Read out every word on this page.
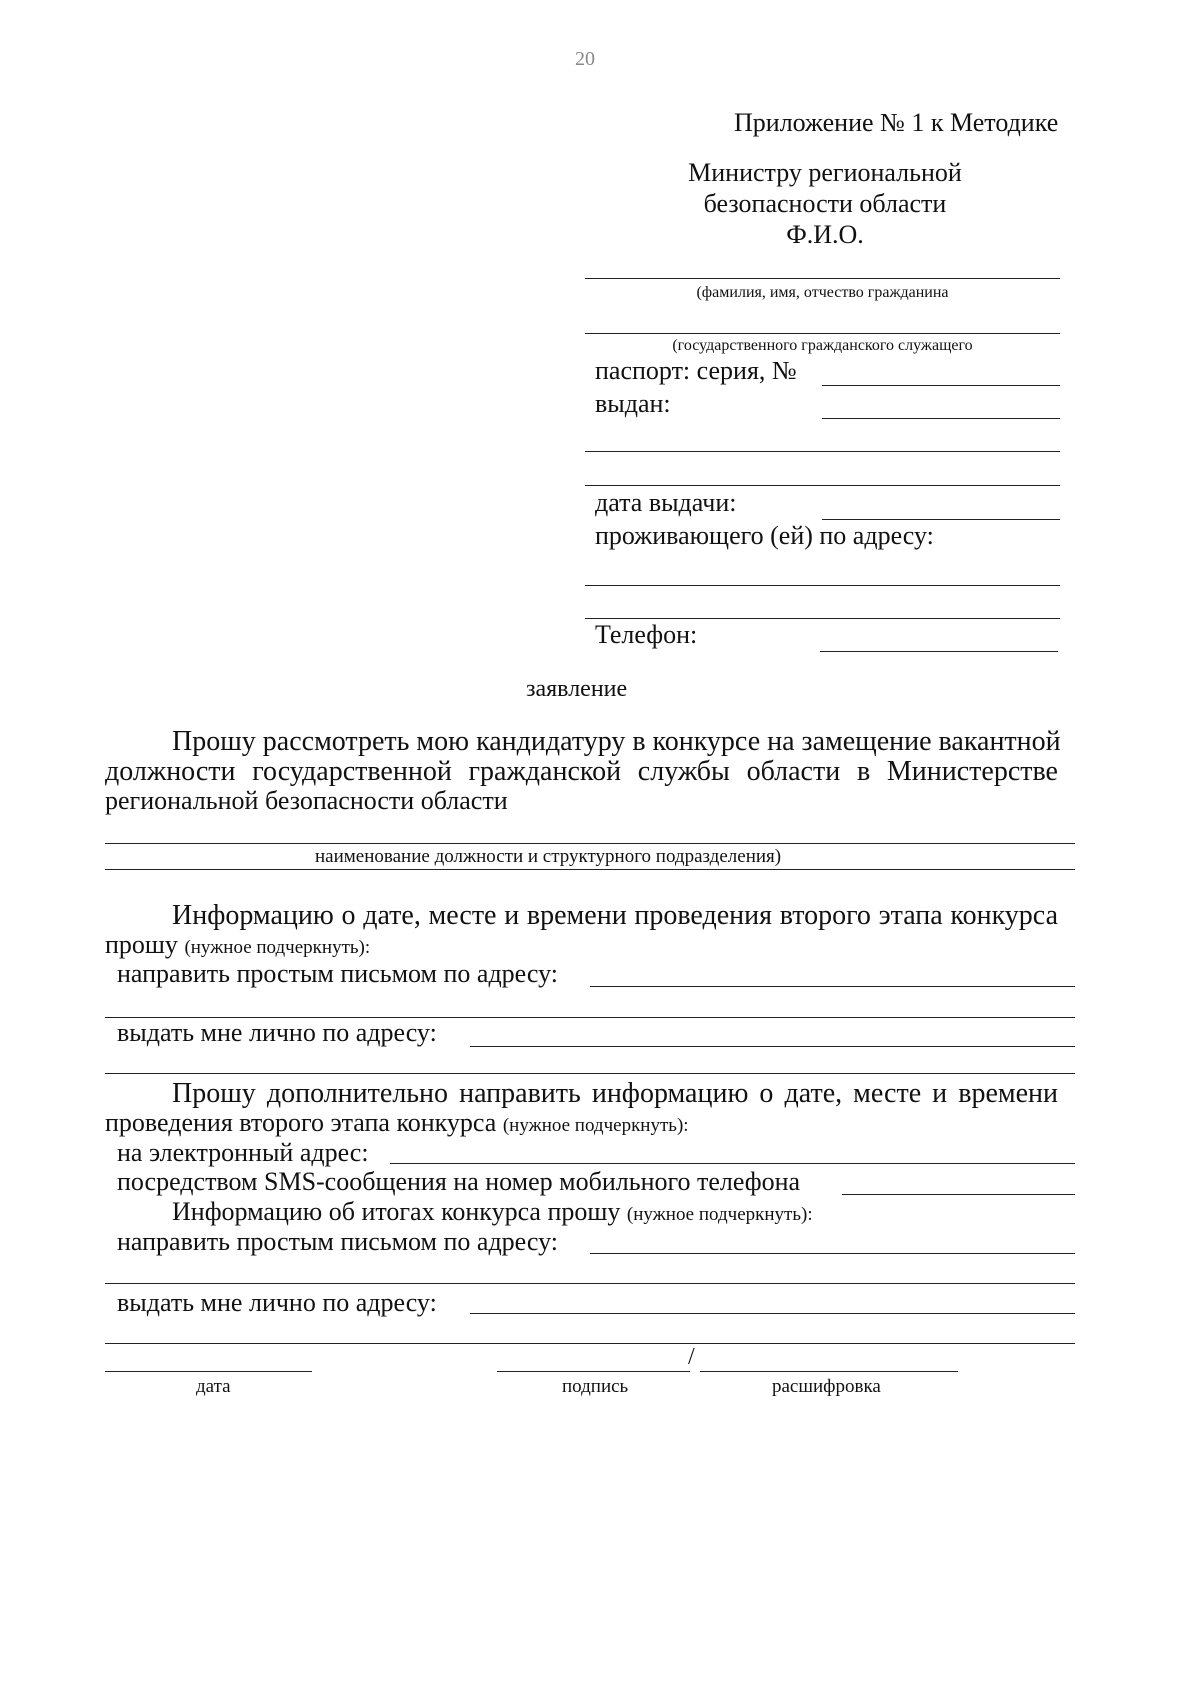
20
Приложение № 1 к Методике
Министру региональной
безопасности области
Ф.И.О.
(фамилия, имя, отчество гражданина
(государственного гражданского служащего
паспорт: серия, №
выдан:
дата выдачи:
проживающего (ей) по адресу:
Телефон:
заявление
Прошу рассмотреть мою кандидатуру в конкурсе на замещение вакантной
должности государственной гражданской службы области в Министерстве
региональной безопасности области
наименование должности и структурного подразделения)
Информацию о дате, месте и времени проведения второго этапа конкурса
прошу (нужное подчеркнуть):
направить простым письмом по адресу:
выдать мне лично по адресу:
Прошу дополнительно направить информацию о дате, месте и времени
проведения второго этапа конкурса (нужное подчеркнуть):
на электронный адрес:
посредством SMS-сообщения на номер мобильного телефона
Информацию об итогах конкурса прошу (нужное подчеркнуть):
направить простым письмом по адресу:
выдать мне лично по адресу:
/
дата	подпись	расшифровка
